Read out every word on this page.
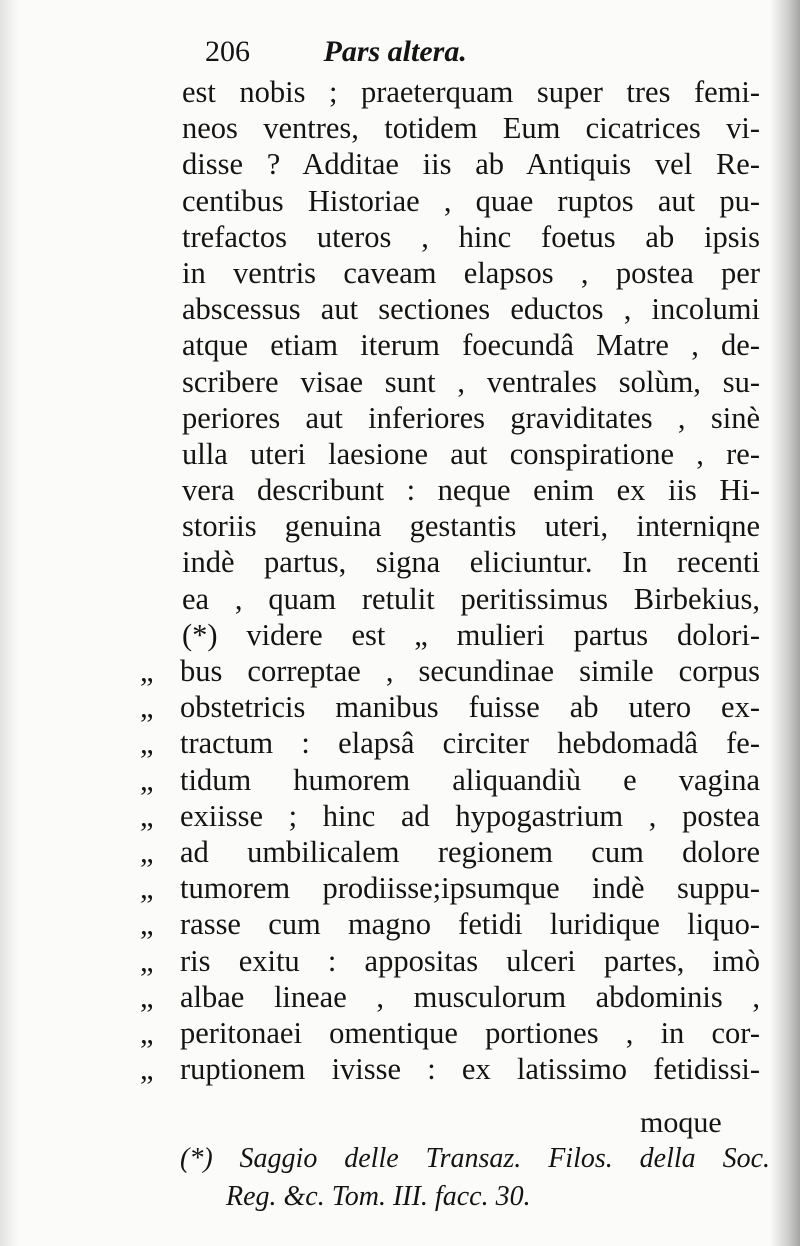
206 Pars altera.
est nobis ; praeterquam super tres femi-
neos ventres, totidem Eum cicatrices vi-
disse ? Additae iis ab Antiquis vel Re-
centibus Historiae , quae ruptos aut pu-
trefactos uteros , hinc foetus ab ipsis
in ventris caveam elapsos , postea per
abscessus aut sectiones eductos , incolumi
atque etiam iterum foecundâ Matre , de-
scribere visae sunt , ventrales solùm, su-
periores aut inferiores graviditates , sinè
ulla uteri laesione aut conspiratione , re-
vera describunt : neque enim ex iis Hi-
storiis genuina gestantis uteri, interniqne
indè partus, signa eliciuntur. In recenti
ea , quam retulit peritissimus Birbekius,
(*) videre est „ mulieri partus dolori-
„ bus correptae , secundinae simile corpus
„ obstetricis manibus fuisse ab utero ex-
„ tractum : elapsâ circiter hebdomadâ fe-
„ tidum humorem aliquandiù e vagina
„ exiisse ; hinc ad hypogastrium , postea
„ ad umbilicalem regionem cum dolore
„ tumorem prodiisse;ipsumque indè suppu-
„ rasse cum magno fetidi luridique liquo-
„ ris exitu : appositas ulceri partes, imò
„ albae lineae , musculorum abdominis ,
„ peritonaei omentique portiones , in cor-
„ ruptionem ivisse : ex latissimo fetidissi-
moque
(*) Saggio delle Transaz. Filos. della Soc.
Reg. &c. Tom. III. facc. 30.
